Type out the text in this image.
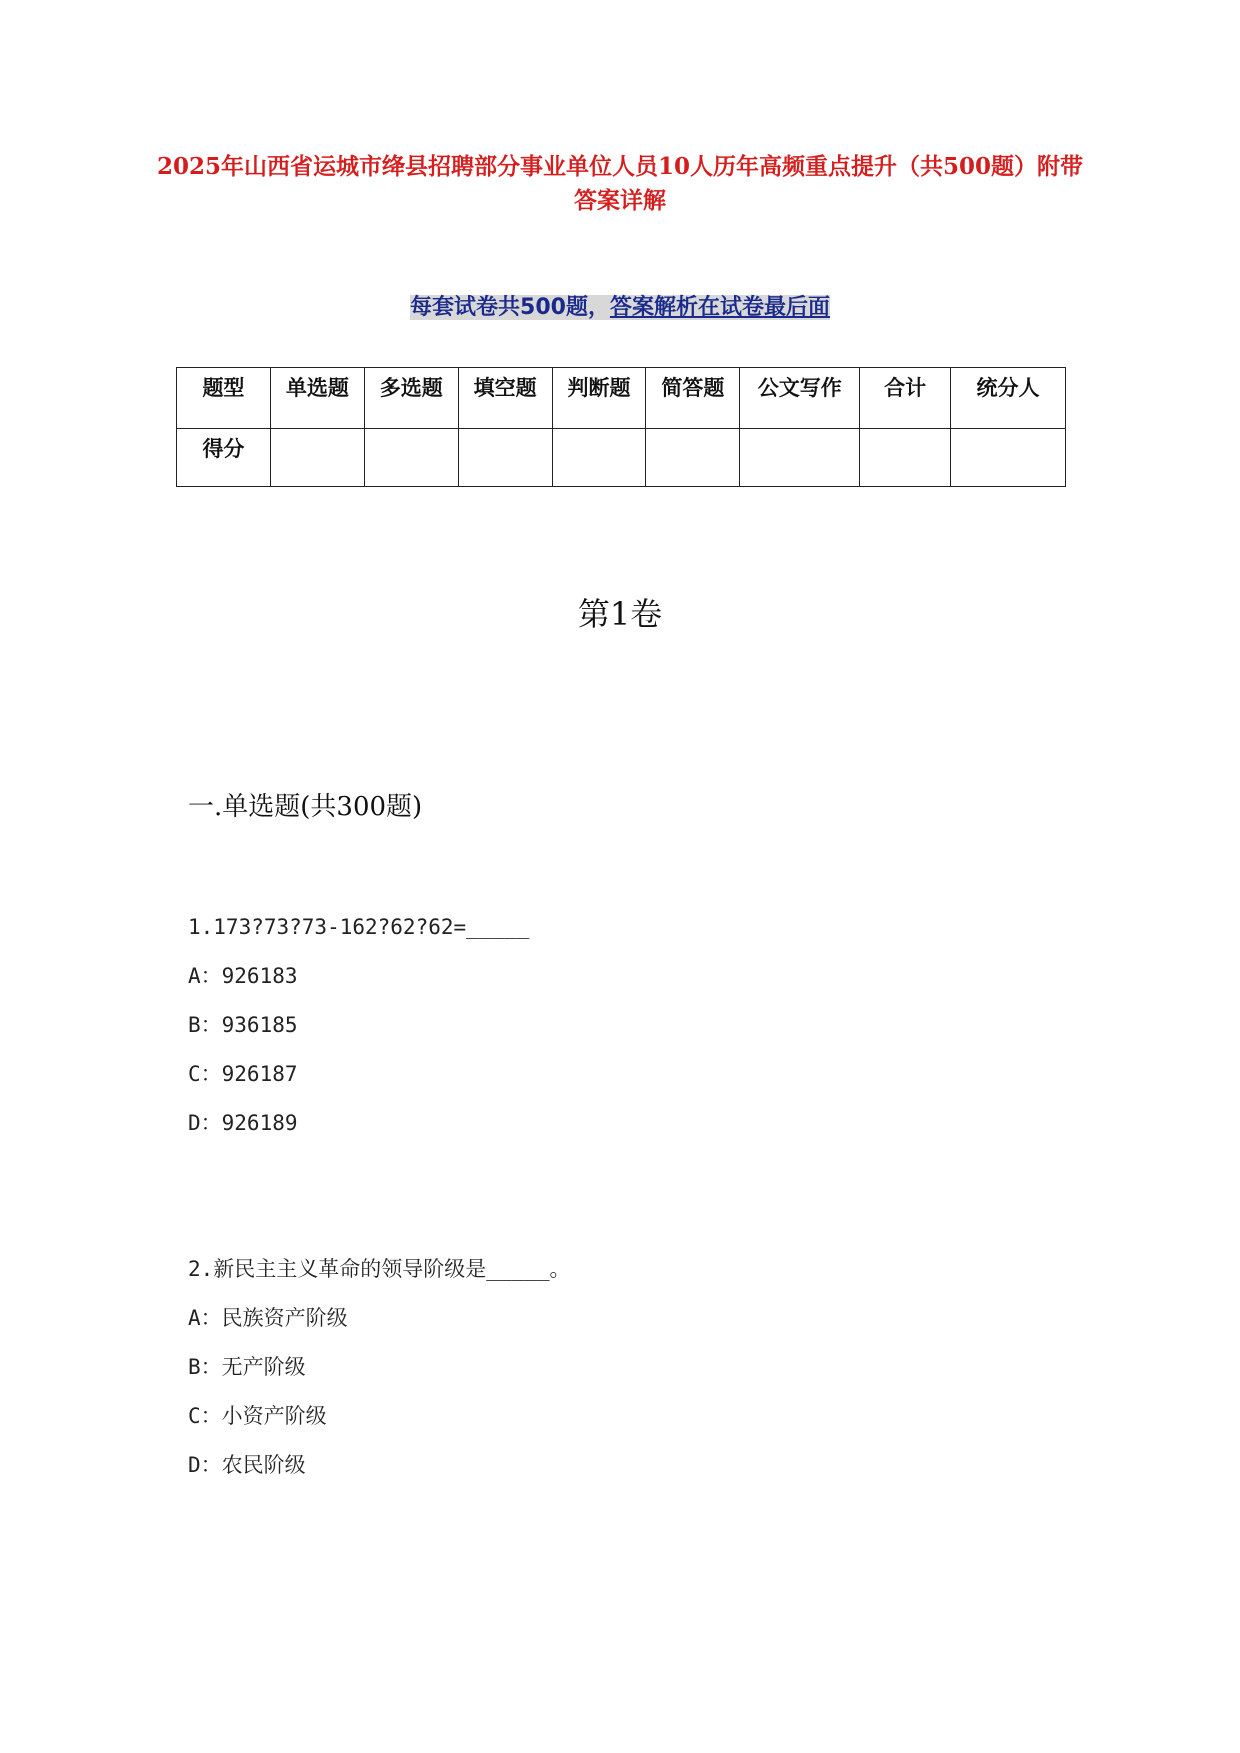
2025年山西省运城市绛县招聘部分事业单位人员10人历年高频重点提升（共500题）附带答案详解
每套试卷共500题，答案解析在试卷最后面
题型	单选题	多选题	填空题	判断题	简答题	公文写作	合计	统分人
得分								
第1卷
一.单选题(共300题)
1.173?73?73-162?62?62=_____
A：926183
B：936185
C：926187
D：926189
2.新民主主义革命的领导阶级是_____。
A：民族资产阶级
B：无产阶级
C：小资产阶级
D：农民阶级
